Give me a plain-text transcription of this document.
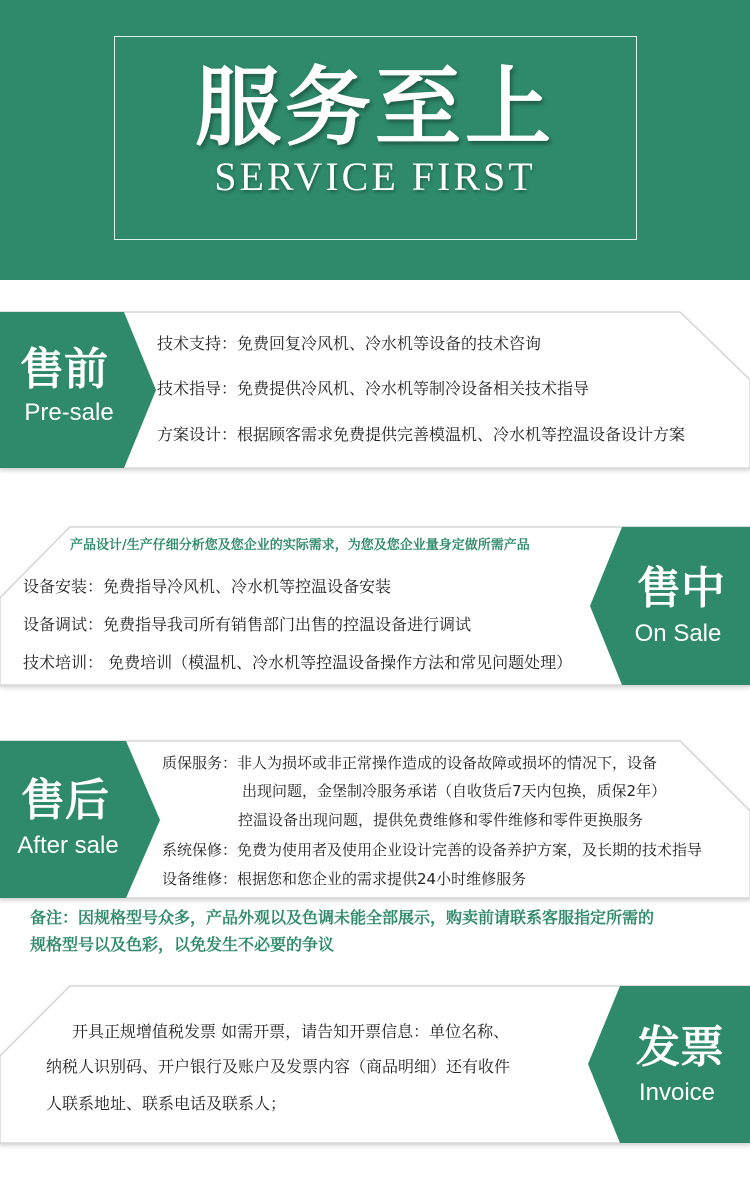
服务至上
SERVICE FIRST
售前
Pre-sale
技术支持：免费回复冷风机、冷水机等设备的技术咨询
技术指导：免费提供冷风机、冷水机等制冷设备相关技术指导
方案设计：根据顾客需求免费提供完善模温机、冷水机等控温设备设计方案
产品设计/生产仔细分析您及您企业的实际需求，为您及您企业量身定做所需产品
设备安装：免费指导冷风机、冷水机等控温设备安装
设备调试：免费指导我司所有销售部门出售的控温设备进行调试
技术培训： 免费培训（模温机、冷水机等控温设备操作方法和常见问题处理）
售中
On Sale
售后
After sale
质保服务：非人为损坏或非正常操作造成的设备故障或损坏的情况下，设备
出现问题，金堡制冷服务承诺（自收货后7天内包换，质保2年）
控温设备出现问题，提供免费维修和零件维修和零件更换服务
系统保修：免费为使用者及使用企业设计完善的设备养护方案，及长期的技术指导
设备维修：根据您和您企业的需求提供24小时维修服务
备注：因规格型号众多，产品外观以及色调未能全部展示，购卖前请联系客服指定所需的
规格型号以及色彩，以免发生不必要的争议
开具正规增值税发票 如需开票，请告知开票信息：单位名称、
纳税人识别码、开户银行及账户及发票内容（商品明细）还有收件
人联系地址、联系电话及联系人；
发票
Invoice
